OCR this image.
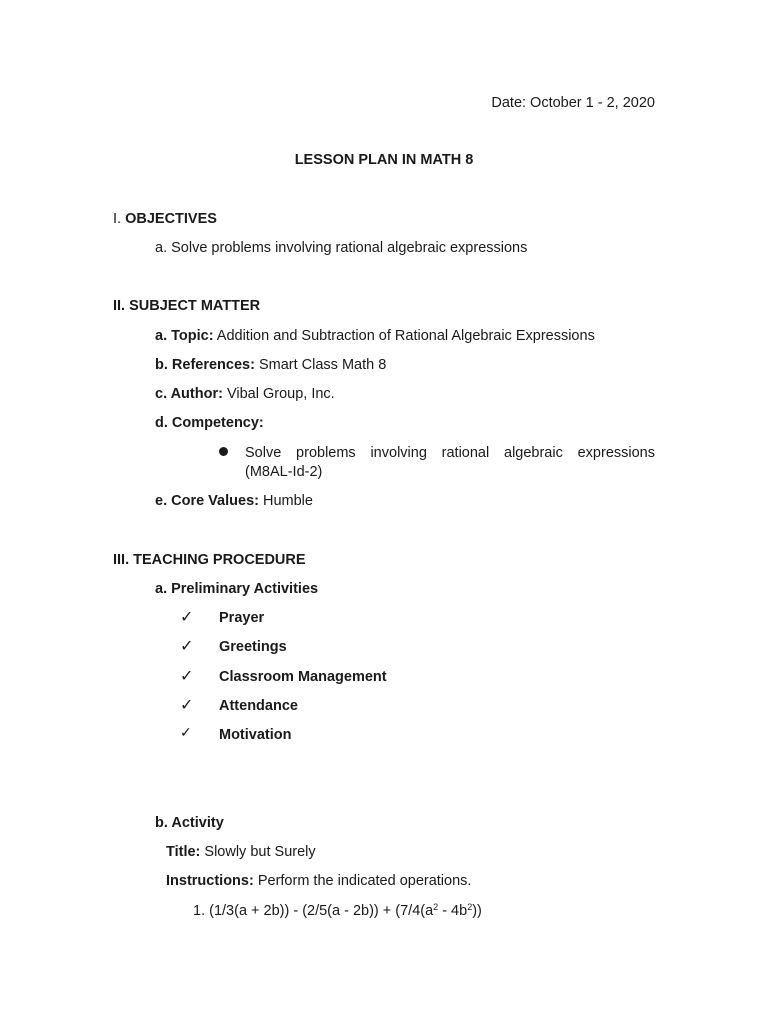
Date: October 1 - 2, 2020
LESSON PLAN IN MATH 8
I. OBJECTIVES
a. Solve problems involving rational algebraic expressions
II. SUBJECT MATTER
a. Topic: Addition and Subtraction of Rational Algebraic Expressions
b. References: Smart Class Math 8
c. Author: Vibal Group, Inc.
d. Competency:
Solve problems involving rational algebraic expressions
(M8AL-Id-2)
e. Core Values: Humble
III. TEACHING PROCEDURE
a. Preliminary Activities
✓ Prayer
✓ Greetings
✓ Classroom Management
✓ Attendance
✓ Motivation
b. Activity
Title: Slowly but Surely
Instructions: Perform the indicated operations.
1. $(1/3(a + 2b)) - (2/5(a - 2b)) + (7/4(a^2 - 4b^2))$
